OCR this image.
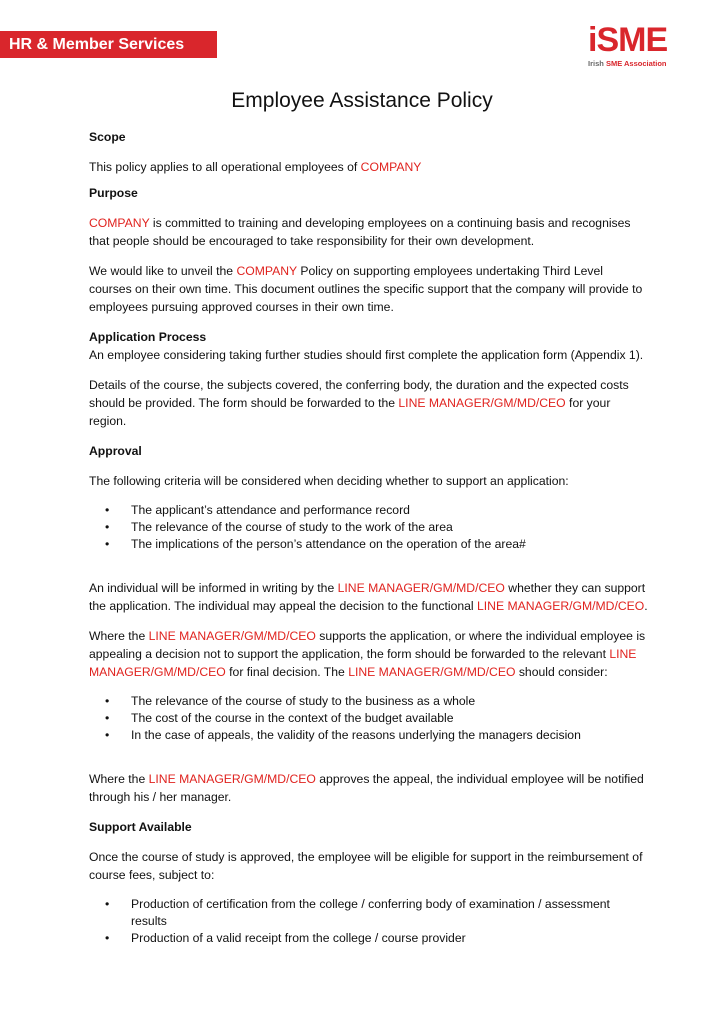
HR & Member Services	iSME
Irish SME Association
Employee Assistance Policy
Scope
This policy applies to all operational employees of COMPANY
Purpose
COMPANY is committed to training and developing employees on a continuing basis and recognises that people should be encouraged to take responsibility for their own development.
We would like to unveil the COMPANY Policy on supporting employees undertaking Third Level courses on their own time. This document outlines the specific support that the company will provide to employees pursuing approved courses in their own time.
Application Process
An employee considering taking further studies should first complete the application form (Appendix 1).
Details of the course, the subjects covered, the conferring body, the duration and the expected costs should be provided. The form should be forwarded to the LINE MANAGER/GM/MD/CEO for your region.
Approval
The following criteria will be considered when deciding whether to support an application:
• The applicant’s attendance and performance record
• The relevance of the course of study to the work of the area
• The implications of the person’s attendance on the operation of the area#
An individual will be informed in writing by the LINE MANAGER/GM/MD/CEO whether they can support the application. The individual may appeal the decision to the functional LINE MANAGER/GM/MD/CEO.
Where the LINE MANAGER/GM/MD/CEO supports the application, or where the individual employee is appealing a decision not to support the application, the form should be forwarded to the relevant LINE MANAGER/GM/MD/CEO for final decision. The LINE MANAGER/GM/MD/CEO should consider:
• The relevance of the course of study to the business as a whole
• The cost of the course in the context of the budget available
• In the case of appeals, the validity of the reasons underlying the managers decision
Where the LINE MANAGER/GM/MD/CEO approves the appeal, the individual employee will be notified through his / her manager.
Support Available
Once the course of study is approved, the employee will be eligible for support in the reimbursement of course fees, subject to:
• Production of certification from the college / conferring body of examination / assessment results
• Production of a valid receipt from the college / course provider
